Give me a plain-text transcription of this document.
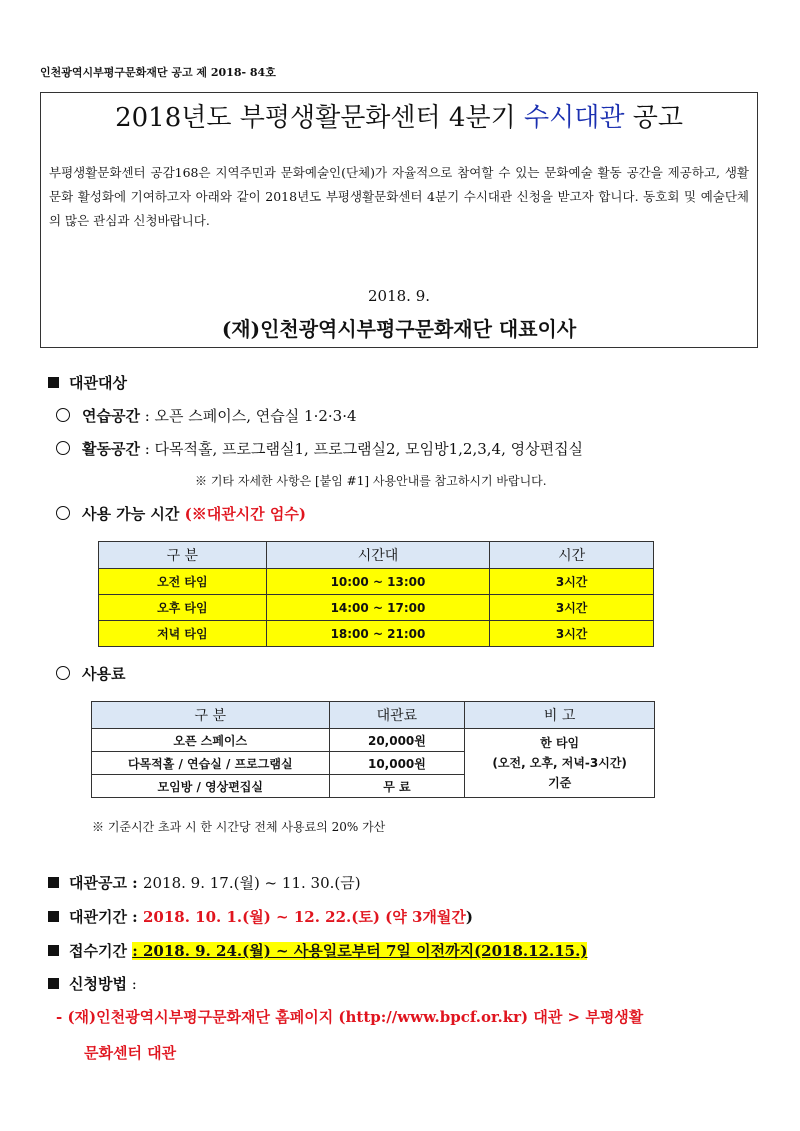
인천광역시부평구문화재단 공고 제 2018- 84호
2018년도 부평생활문화센터 4분기 수시대관 공고
부평생활문화센터 공감168은 지역주민과 문화예술인(단체)가 자율적으로 참여할 수 있는 문화예술 활동 공간을 제공하고, 생활문화 활성화에 기여하고자 아래와 같이 2018년도 부평생활문화센터 4분기 수시대관 신청을 받고자 합니다. 동호회 및 예술단체의 많은 관심과 신청바랍니다.
2018. 9.
(재)인천광역시부평구문화재단 대표이사
대관대상
연습공간 : 오픈 스페이스, 연습실 1·2·3·4
활동공간 : 다목적홀, 프로그램실1, 프로그램실2, 모임방1,2,3,4, 영상편집실
※ 기타 자세한 사항은 [붙임 #1] 사용안내를 참고하시기 바랍니다.
사용 가능 시간 (※대관시간 엄수)
구 분	시간대	시간
오전 타임	10:00 ~ 13:00	3시간
오후 타임	14:00 ~ 17:00	3시간
저녁 타임	18:00 ~ 21:00	3시간
사용료
구 분	대관료	비 고
오픈 스페이스	20,000원	한 타임
(오전, 오후, 저녁-3시간)
기준

다목적홀 / 연습실 / 프로그램실	10,000원	
모임방 / 영상편집실	무 료	
※ 기준시간 초과 시 한 시간당 전체 사용료의 20% 가산
대관공고 : 2018. 9. 17.(월) ~ 11. 30.(금)
대관기간 : 2018. 10. 1.(월) ~ 12. 22.(토) (약 3개월간)
접수기간 : 2018. 9. 24.(월) ~ 사용일로부터 7일 이전까지(2018.12.15.)
신청방법 :
- (재)인천광역시부평구문화재단 홈페이지 (http://www.bpcf.or.kr) 대관 > 부평생활
문화센터 대관
